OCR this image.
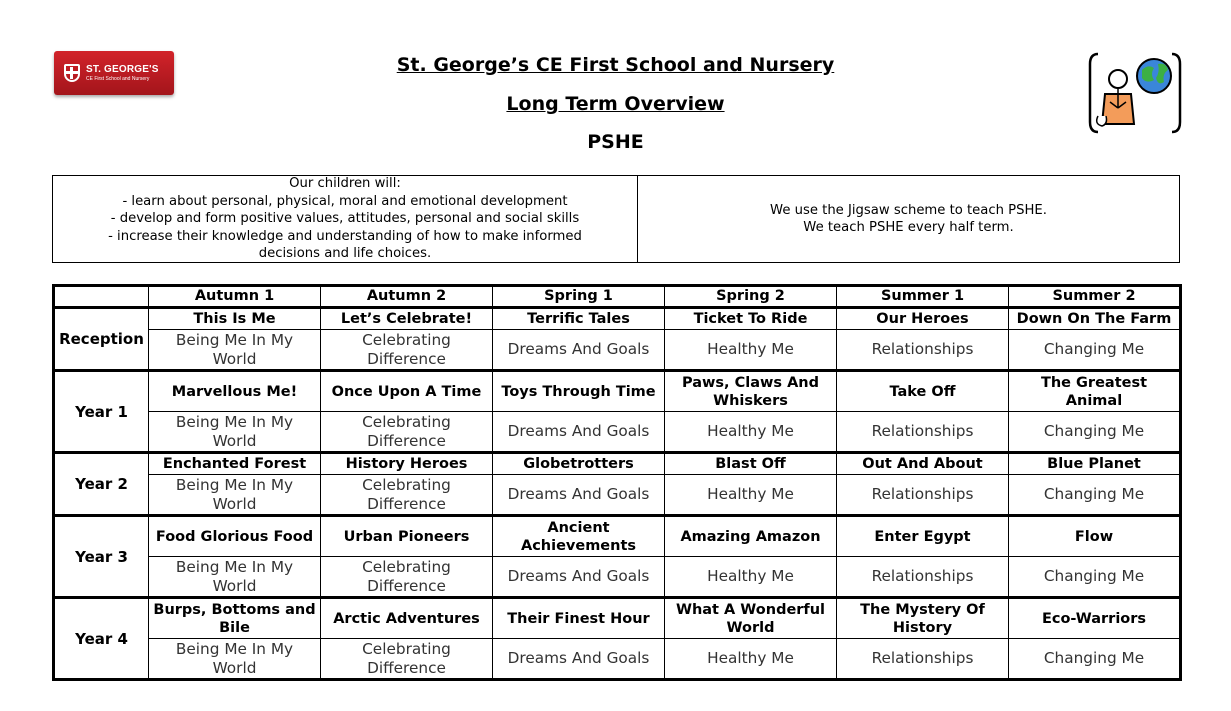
ST. GEORGE'S
CE First School and Nursery
St. George’s CE First School and Nursery
Long Term Overview
PSHE
Our children will:
- learn about personal, physical, moral and emotional development
- develop and form positive values, attitudes, personal and social skills
- increase their knowledge and understanding of how to make informed
decisions and life choices.
We use the Jigsaw scheme to teach PSHE.
We teach PSHE every half term.
	Autumn 1	Autumn 2	Spring 1	Spring 2	Summer 1	Summer 2
Reception	This Is Me	Let’s Celebrate!	Terrific Tales	Ticket To Ride	Our Heroes	Down On The Farm
	Being Me In My World	Celebrating Difference	Dreams And Goals	Healthy Me	Relationships	Changing Me
Year 1	Marvellous Me!	Once Upon A Time	Toys Through Time	Paws, Claws And Whiskers	Take Off	The Greatest Animal
	Being Me In My World	Celebrating Difference	Dreams And Goals	Healthy Me	Relationships	Changing Me
Year 2	Enchanted Forest	History Heroes	Globetrotters	Blast Off	Out And About	Blue Planet
	Being Me In My World	Celebrating Difference	Dreams And Goals	Healthy Me	Relationships	Changing Me
Year 3	Food Glorious Food	Urban Pioneers	Ancient Achievements	Amazing Amazon	Enter Egypt	Flow
	Being Me In My World	Celebrating Difference	Dreams And Goals	Healthy Me	Relationships	Changing Me
Year 4	Burps, Bottoms and Bile	Arctic Adventures	Their Finest Hour	What A Wonderful World	The Mystery Of History	Eco-Warriors
	Being Me In My World	Celebrating Difference	Dreams And Goals	Healthy Me	Relationships	Changing Me
